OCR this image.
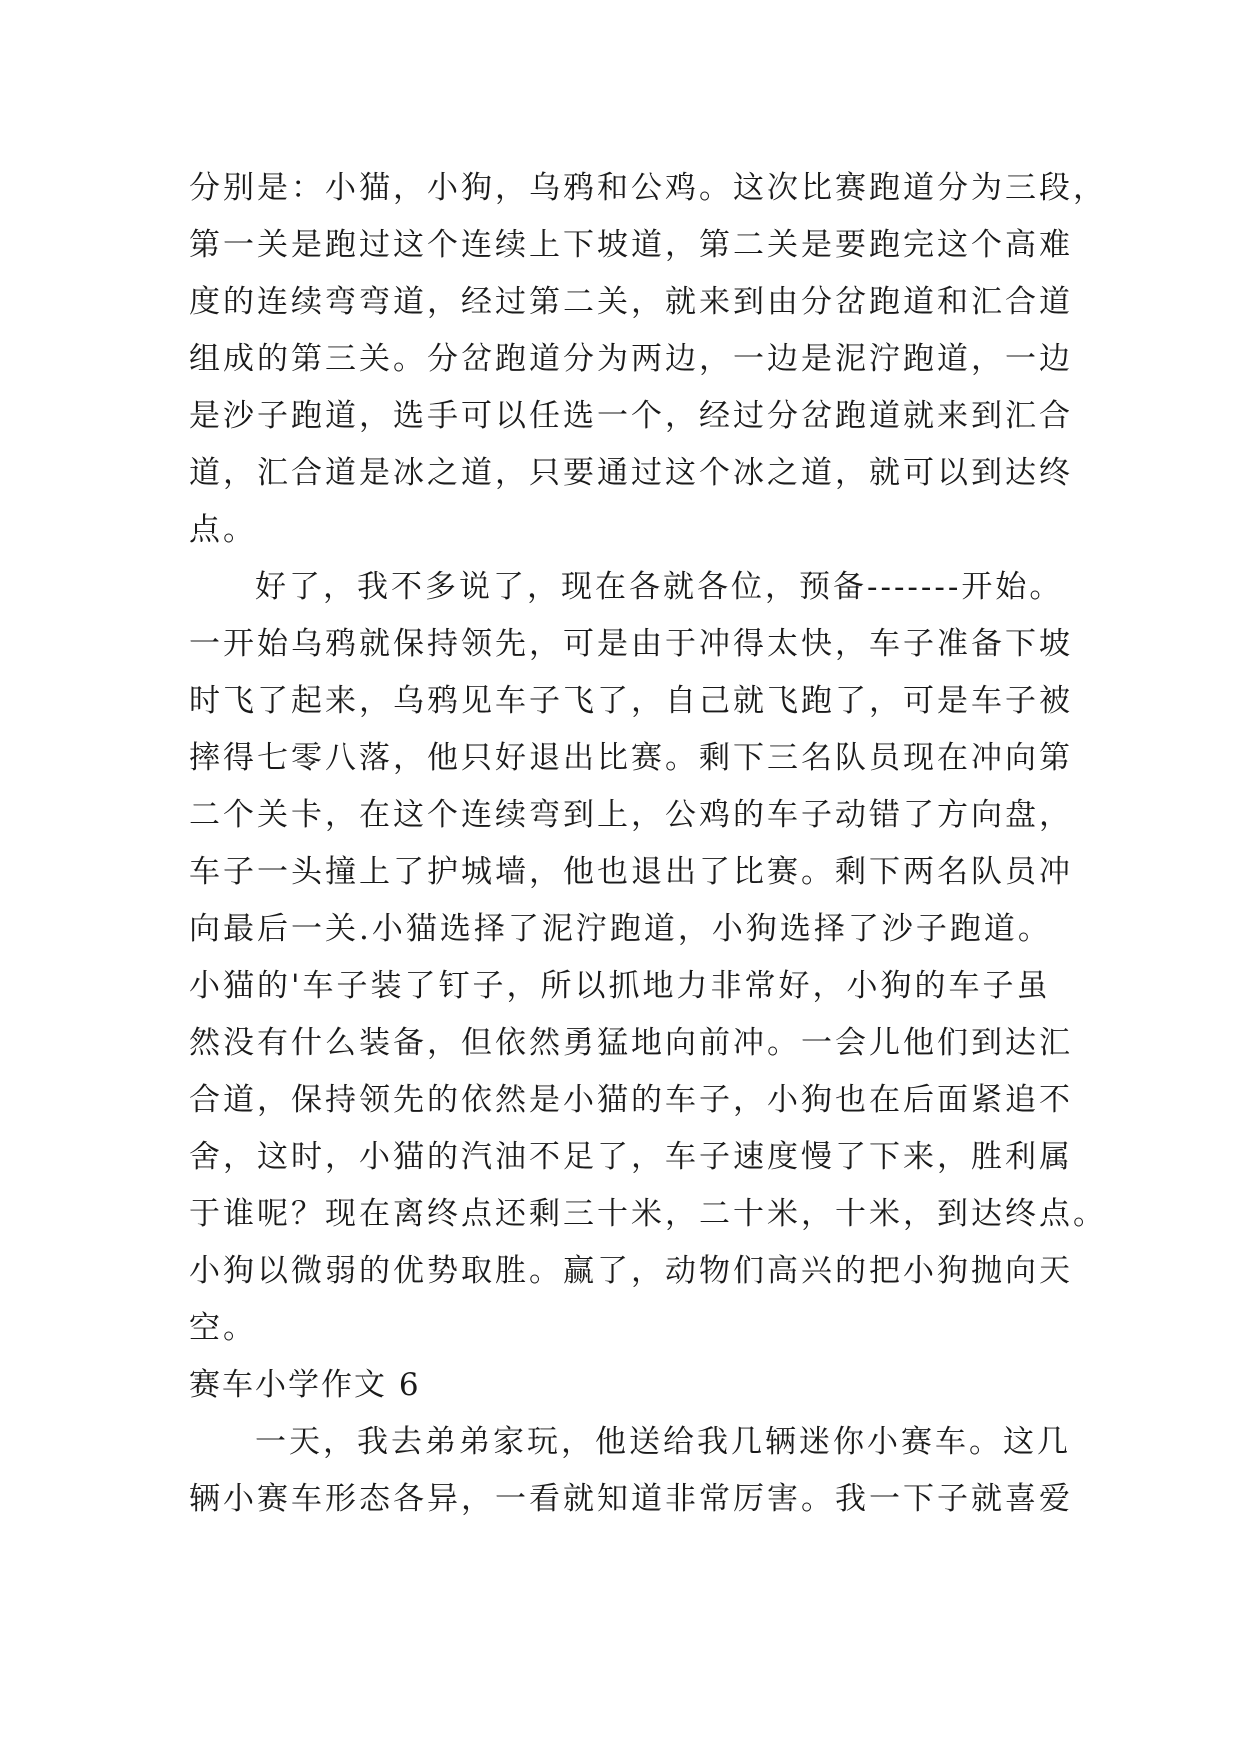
分别是：小猫，小狗，乌鸦和公鸡。这次比赛跑道分为三段，
第一关是跑过这个连续上下坡道，第二关是要跑完这个高难
度的连续弯弯道，经过第二关，就来到由分岔跑道和汇合道
组成的第三关。分岔跑道分为两边，一边是泥泞跑道，一边
是沙子跑道，选手可以任选一个，经过分岔跑道就来到汇合
道，汇合道是冰之道，只要通过这个冰之道，就可以到达终
点。
好了，我不多说了，现在各就各位，预备-------开始。
一开始乌鸦就保持领先，可是由于冲得太快，车子准备下坡
时飞了起来，乌鸦见车子飞了，自己就飞跑了，可是车子被
摔得七零八落，他只好退出比赛。剩下三名队员现在冲向第
二个关卡，在这个连续弯到上，公鸡的车子动错了方向盘，
车子一头撞上了护城墙，他也退出了比赛。剩下两名队员冲
向最后一关.小猫选择了泥泞跑道，小狗选择了沙子跑道。
小猫的'车子装了钉子，所以抓地力非常好，小狗的车子虽
然没有什么装备，但依然勇猛地向前冲。一会儿他们到达汇
合道，保持领先的依然是小猫的车子，小狗也在后面紧追不
舍，这时，小猫的汽油不足了，车子速度慢了下来，胜利属
于谁呢？现在离终点还剩三十米，二十米，十米，到达终点。
小狗以微弱的优势取胜。赢了，动物们高兴的把小狗抛向天
空。
赛车小学作文 6
一天，我去弟弟家玩，他送给我几辆迷你小赛车。这几
辆小赛车形态各异，一看就知道非常厉害。我一下子就喜爱
